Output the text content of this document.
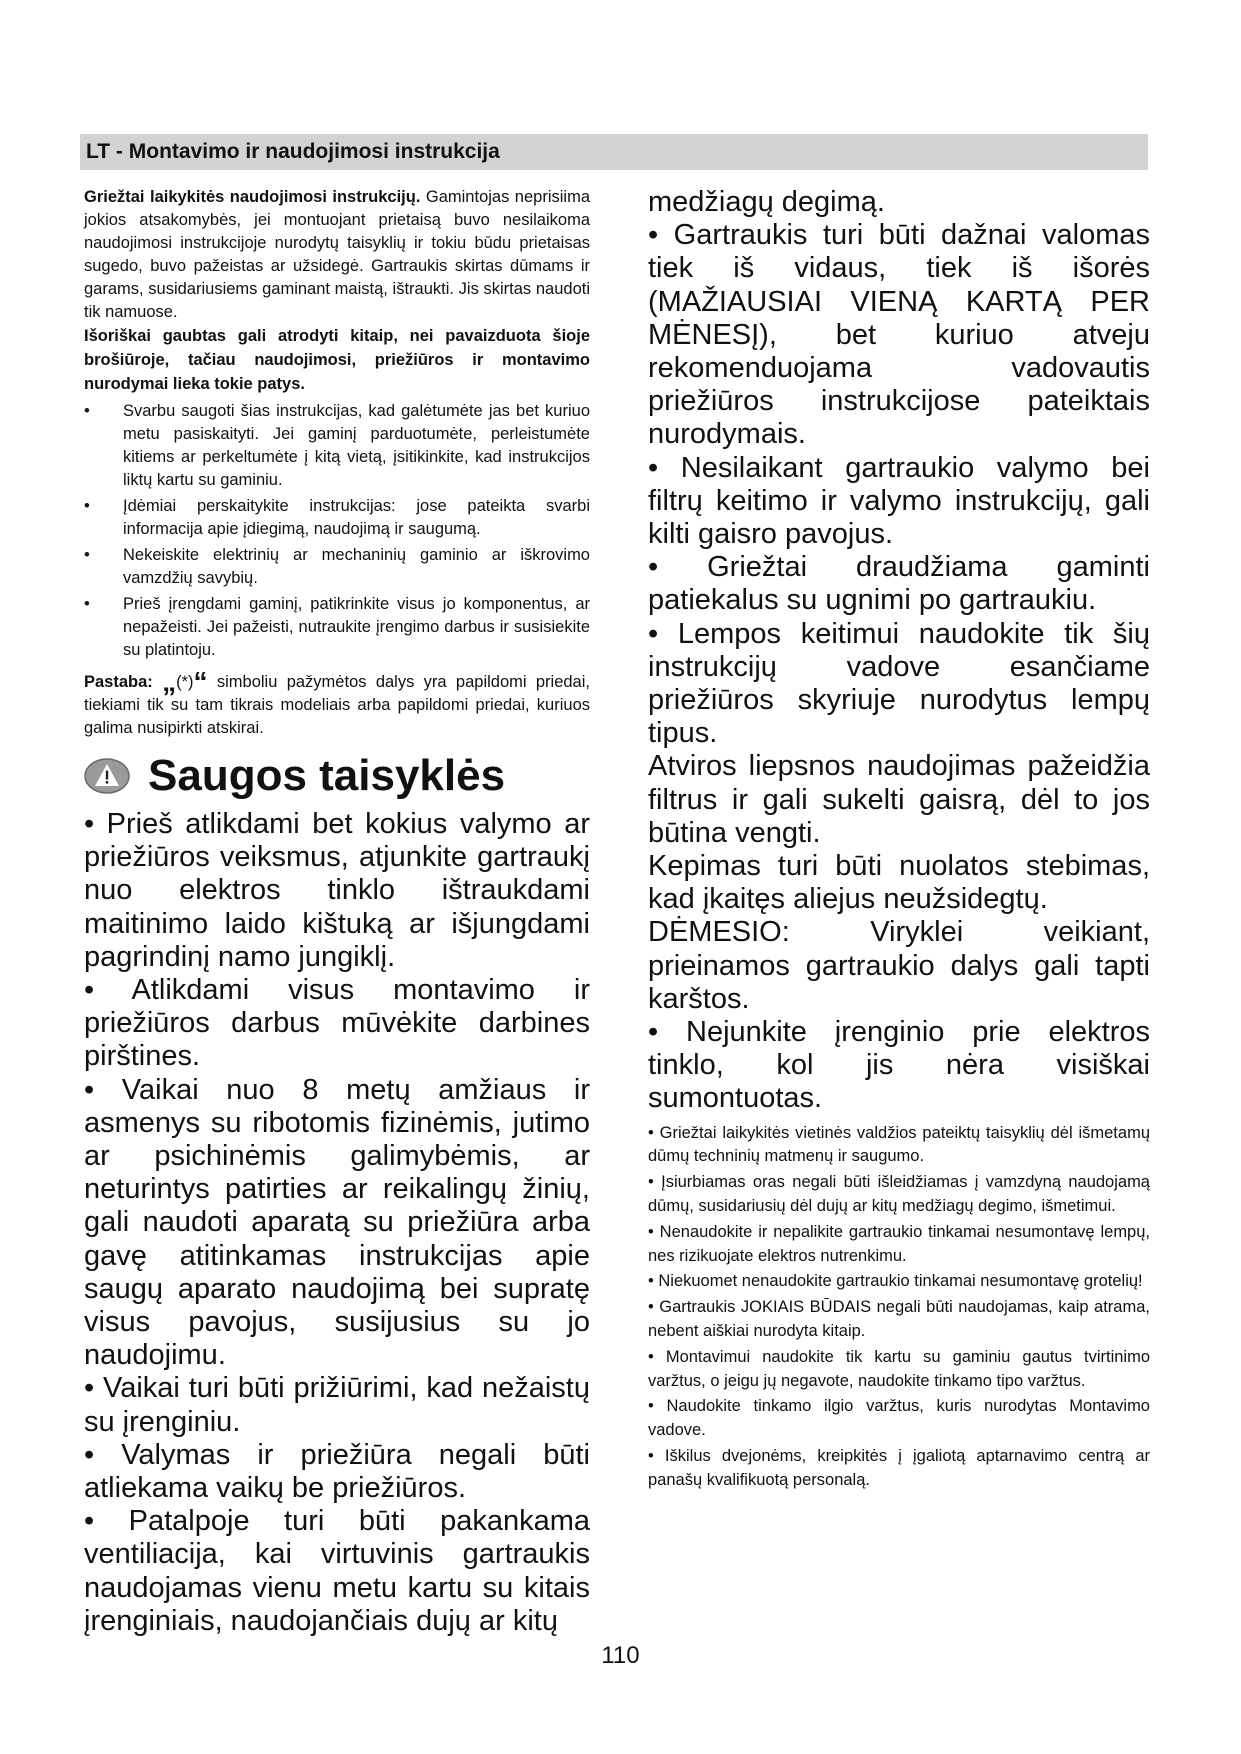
LT - Montavimo ir naudojimosi instrukcija

Griežtai laikykitės naudojimosi instrukcijų. Gamintojas neprisiima jokios atsakomybės, jei montuojant prietaisą buvo nesilaikoma naudojimosi instrukcijoje nurodytų taisyklių ir tokiu būdu prietaisas sugedo, buvo pažeistas ar užsidegė. Gartraukis skirtas dūmams ir garams, susidariusiems gaminant maistą, ištraukti. Jis skirtas naudoti tik namuose.

Išoriškai gaubtas gali atrodyti kitaip, nei pavaizduota šioje brošiūroje, tačiau naudojimosi, priežiūros ir montavimo nurodymai lieka tokie patys.

• Svarbu saugoti šias instrukcijas, kad galėtumėte jas bet kuriuo metu pasiskaityti. Jei gaminį parduotumėte, perleistumėte kitiems ar perkeltumėte į kitą vietą, įsitikinkite, kad instrukcijos liktų kartu su gaminiu.
• Įdėmiai perskaitykite instrukcijas: jose pateikta svarbi informacija apie įdiegimą, naudojimą ir saugumą.
• Nekeiskite elektrinių ar mechaninių gaminio ar iškrovimo vamzdžių savybių.
• Prieš įrengdami gaminį, patikrinkite visus jo komponentus, ar nepažeisti. Jei pažeisti, nutraukite įrengimo darbus ir susisiekite su platintoju.

Pastaba: „(*)“ simboliu pažymėtos dalys yra papildomi priedai, tiekiami tik su tam tikrais modeliais arba papildomi priedai, kuriuos galima nusipirkti atskirai.

Saugos taisyklės

• Prieš atlikdami bet kokius valymo ar priežiūros veiksmus, atjunkite gartraukį nuo elektros tinklo ištraukdami maitinimo laido kištuką ar išjungdami pagrindinį namo jungiklį.

• Atlikdami visus montavimo ir priežiūros darbus mūvėkite darbines pirštines.

• Vaikai nuo 8 metų amžiaus ir asmenys su ribotomis fizinėmis, jutimo ar psichinėmis galimybėmis, ar neturintys patirties ar reikalingų žinių, gali naudoti aparatą su priežiūra arba gavę atitinkamas instrukcijas apie saugų aparato naudojimą bei supratę visus pavojus, susijusius su jo naudojimu.

• Vaikai turi būti prižiūrimi, kad nežaistų su įrenginiu.

• Valymas ir priežiūra negali būti atliekama vaikų be priežiūros.

• Patalpoje turi būti pakankama ventiliacija, kai virtuvinis gartraukis naudojamas vienu metu kartu su kitais įrenginiais, naudojančiais dujų ar kitų

medžiagų degimą.

• Gartraukis turi būti dažnai valomas tiek iš vidaus, tiek iš išorės (MAŽIAUSIAI VIENĄ KARTĄ PER MĖNESĮ), bet kuriuo atveju rekomenduojama vadovautis priežiūros instrukcijose pateiktais nurodymais.

• Nesilaikant gartraukio valymo bei filtrų keitimo ir valymo instrukcijų, gali kilti gaisro pavojus.

• Griežtai draudžiama gaminti patiekalus su ugnimi po gartraukiu.

• Lempos keitimui naudokite tik šių instrukcijų vadove esančiame priežiūros skyriuje nurodytus lempų tipus.

Atviros liepsnos naudojimas pažeidžia filtrus ir gali sukelti gaisrą, dėl to jos būtina vengti.

Kepimas turi būti nuolatos stebimas, kad įkaitęs aliejus neužsidegtų.

DĖMESIO: Viryklei veikiant, prieinamos gartraukio dalys gali tapti karštos.

• Nejunkite įrenginio prie elektros tinklo, kol jis nėra visiškai sumontuotas.

• Griežtai laikykitės vietinės valdžios pateiktų taisyklių dėl išmetamų dūmų techninių matmenų ir saugumo.

• Įsiurbiamas oras negali būti išleidžiamas į vamzdyną naudojamą dūmų, susidariusių dėl dujų ar kitų medžiagų degimo, išmetimui.

• Nenaudokite ir nepalikite gartraukio tinkamai nesumontavę lempų, nes rizikuojate elektros nutrenkimu.

• Niekuomet nenaudokite gartraukio tinkamai nesumontavę grotelių!

• Gartraukis JOKIAIS BŪDAIS negali būti naudojamas, kaip atrama, nebent aiškiai nurodyta kitaip.

• Montavimui naudokite tik kartu su gaminiu gautus tvirtinimo varžtus, o jeigu jų negavote, naudokite tinkamo tipo varžtus.

• Naudokite tinkamo ilgio varžtus, kuris nurodytas Montavimo vadove.

• Iškilus dvejonėms, kreipkitės į įgaliotą aptarnavimo centrą ar panašų kvalifikuotą personalą.

110
